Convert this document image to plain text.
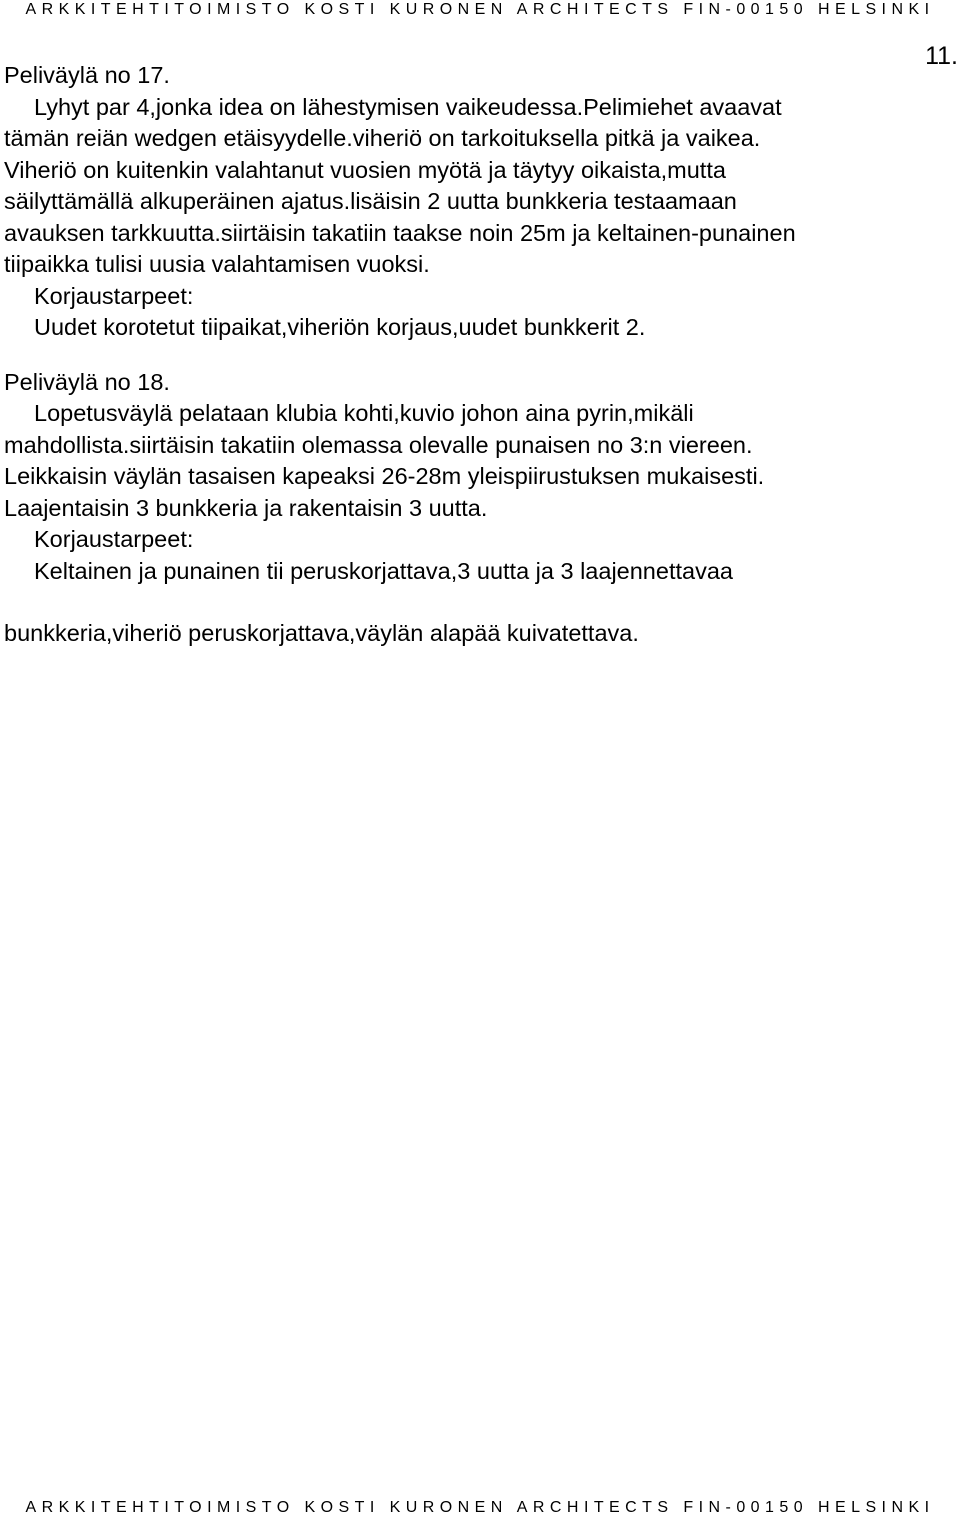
ARKKITEHTITOIMISTO KOSTI KURONEN ARCHITECTS FIN-00150 HELSINKI
11.
Peliväylä no 17.
Lyhyt par 4,jonka idea on lähestymisen vaikeudessa.Pelimiehet avaavat
tämän reiän wedgen etäisyydelle.viheriö on tarkoituksella pitkä ja vaikea.
Viheriö on kuitenkin valahtanut vuosien myötä ja täytyy oikaista,mutta
säilyttämällä alkuperäinen ajatus.lisäisin 2 uutta bunkkeria testaamaan
avauksen tarkkuutta.siirtäisin takatiin taakse noin 25m ja keltainen-punainen
tiipaikka tulisi uusia valahtamisen vuoksi.
Korjaustarpeet:
Uudet korotetut tiipaikat,viheriön korjaus,uudet bunkkerit 2.
Peliväylä no 18.
Lopetusväylä pelataan klubia kohti,kuvio johon aina pyrin,mikäli
mahdollista.siirtäisin takatiin olemassa olevalle punaisen no 3:n viereen.
Leikkaisin väylän tasaisen kapeaksi 26-28m yleispiirustuksen mukaisesti.
Laajentaisin 3 bunkkeria ja rakentaisin 3 uutta.
Korjaustarpeet:
Keltainen ja punainen tii peruskorjattava,3 uutta ja 3 laajennettavaa
bunkkeria,viheriö peruskorjattava,väylän alapää kuivatettava.
ARKKITEHTITOIMISTO KOSTI KURONEN ARCHITECTS FIN-00150 HELSINKI
